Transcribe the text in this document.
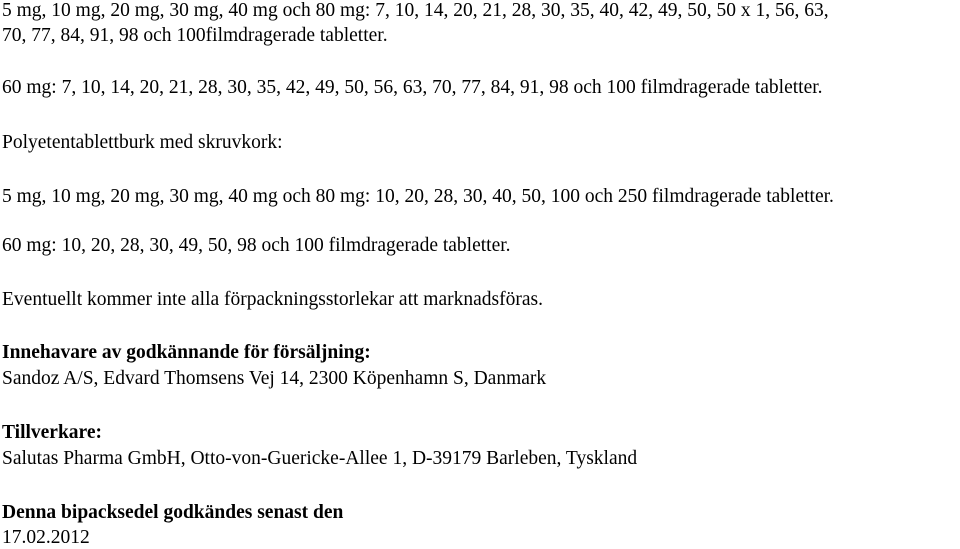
5 mg, 10 mg, 20 mg, 30 mg, 40 mg och 80 mg: 7, 10, 14, 20, 21, 28, 30, 35, 40, 42, 49, 50, 50 x 1, 56, 63,
70, 77, 84, 91, 98 och 100filmdragerade tabletter.
60 mg: 7, 10, 14, 20, 21, 28, 30, 35, 42, 49, 50, 56, 63, 70, 77, 84, 91, 98 och 100 filmdragerade tabletter.
Polyetentablettburk med skruvkork:
5 mg, 10 mg, 20 mg, 30 mg, 40 mg och 80 mg: 10, 20, 28, 30, 40, 50, 100 och 250 filmdragerade tabletter.
60 mg: 10, 20, 28, 30, 49, 50, 98 och 100 filmdragerade tabletter.
Eventuellt kommer inte alla förpackningsstorlekar att marknadsföras.
Innehavare av godkännande för försäljning:
Sandoz A/S, Edvard Thomsens Vej 14, 2300 Köpenhamn S, Danmark
Tillverkare:
Salutas Pharma GmbH, Otto-von-Guericke-Allee 1, D-39179 Barleben, Tyskland
Denna bipacksedel godkändes senast den
17.02.2012
